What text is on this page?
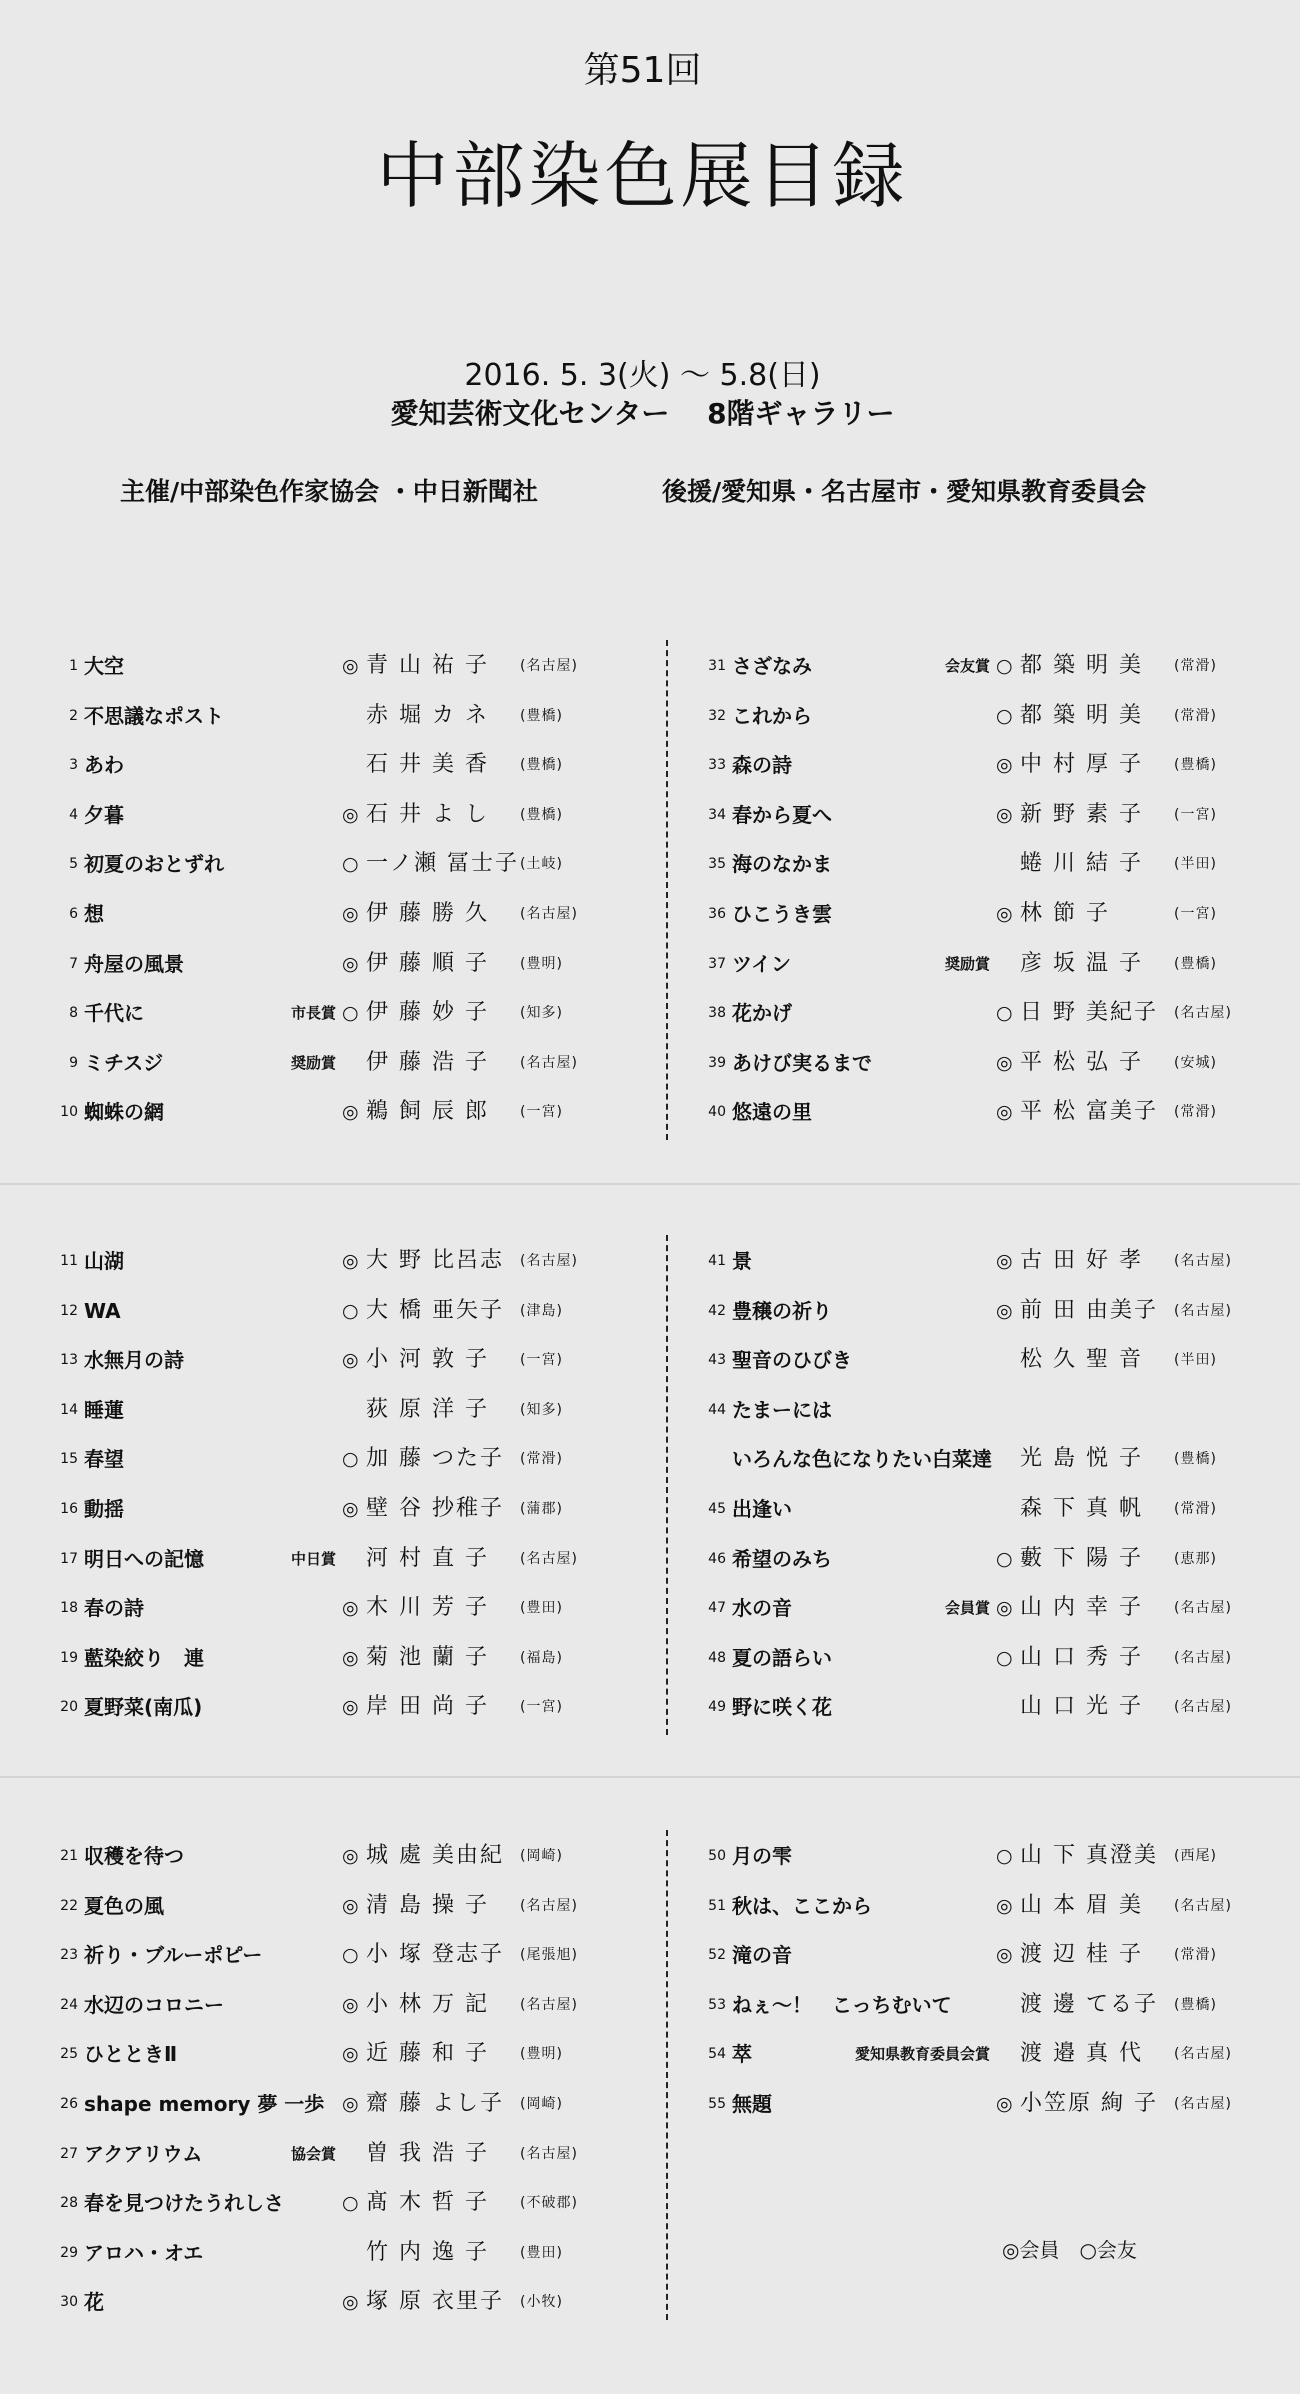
第51回
中部染色展目録
2016. 5. 3(火) ～ 5.8(日)
愛知芸術文化センター　 8階ギャラリー
主催/中部染色作家協会 ・中日新聞社	後援/愛知県・名古屋市・愛知県教育委員会
1 大空	◎ 青 山 祐 子 (名古屋)
2 不思議なポスト	赤 堀 カ ネ (豊橋)
3 あわ	石 井 美 香 (豊橋)
4 夕暮	◎ 石 井 よ し (豊橋)
5 初夏のおとずれ	○ 一ノ瀬 冨士子 (土岐)
6 想	◎ 伊 藤 勝 久 (名古屋)
7 舟屋の風景	◎ 伊 藤 順 子 (豊明)
8 千代に	市長賞 ○ 伊 藤 妙 子 (知多)
9 ミチスジ	奨励賞 伊 藤 浩 子 (名古屋)
10 蜘蛛の網	◎ 鵜 飼 辰 郎 (一宮)
11 山湖	◎ 大 野 比呂志 (名古屋)
12 WA	○ 大 橋 亜矢子 (津島)
13 水無月の詩	◎ 小 河 敦 子 (一宮)
14 睡蓮	荻 原 洋 子 (知多)
15 春望	○ 加 藤 つた子 (常滑)
16 動揺	◎ 壁 谷 抄稚子 (蒲郡)
17 明日への記憶	中日賞 河 村 直 子 (名古屋)
18 春の詩	◎ 木 川 芳 子 (豊田)
19 藍染絞り　連	◎ 菊 池 蘭 子 (福島)
20 夏野菜(南瓜)	◎ 岸 田 尚 子 (一宮)
21 収穫を待つ	◎ 城 處 美由紀 (岡崎)
22 夏色の風	◎ 清 島 操 子 (名古屋)
23 祈り・ブルーポピー	○ 小 塚 登志子 (尾張旭)
24 水辺のコロニー	◎ 小 林 万 記 (名古屋)
25 ひとときⅡ	◎ 近 藤 和 子 (豊明)
26 shape memory 夢 一歩 ◎ 齋 藤 よし子 (岡崎)
27 アクアリウム	協会賞 曽 我 浩 子 (名古屋)
28 春を見つけたうれしさ	○ 髙 木 哲 子 (不破郡)
29 アロハ・オエ	竹 内 逸 子 (豊田)
30 花	◎ 塚 原 衣里子 (小牧)
31 さざなみ	会友賞 ○ 都 築 明 美 (常滑)
32 これから	○ 都 築 明 美 (常滑)
33 森の詩	◎ 中 村 厚 子 (豊橋)
34 春から夏へ	◎ 新 野 素 子 (一宮)
35 海のなかま	蜷 川 結 子 (半田)
36 ひこうき雲	◎ 林 節 子	(一宮)
37 ツイン	奨励賞 彦 坂 温 子 (豊橋)
38 花かげ	○ 日 野 美紀子 (名古屋)
39 あけび実るまで	◎ 平 松 弘 子 (安城)
40 悠遠の里	◎ 平 松 富美子 (常滑)
41 景	◎ 古 田 好 孝 (名古屋)
42 豊穣の祈り	◎ 前 田 由美子 (名古屋)
43 聖音のひびき	松 久 聖 音 (半田)
44 たまーには
いろんな色になりたい白菜達 光 島 悦 子 (豊橋)
45 出逢い	森 下 真 帆 (常滑)
46 希望のみち	○ 藪 下 陽 子 (恵那)
47 水の音	会員賞 ◎ 山 内 幸 子 (名古屋)
48 夏の語らい	○ 山 口 秀 子 (名古屋)
49 野に咲く花	山 口 光 子 (名古屋)
50 月の雫	○ 山 下 真澄美 (西尾)
51 秋は、ここから	◎ 山 本 眉 美 (名古屋)
52 滝の音	◎ 渡 辺 桂 子 (常滑)
53 ねぇ～！　こっちむいて	渡 邊 てる子 (豊橋)
54 萃	愛知県教育委員会賞 渡 邉 真 代 (名古屋)
55 無題	◎ 小笠原 絢 子 (名古屋)
◎会員　○会友
